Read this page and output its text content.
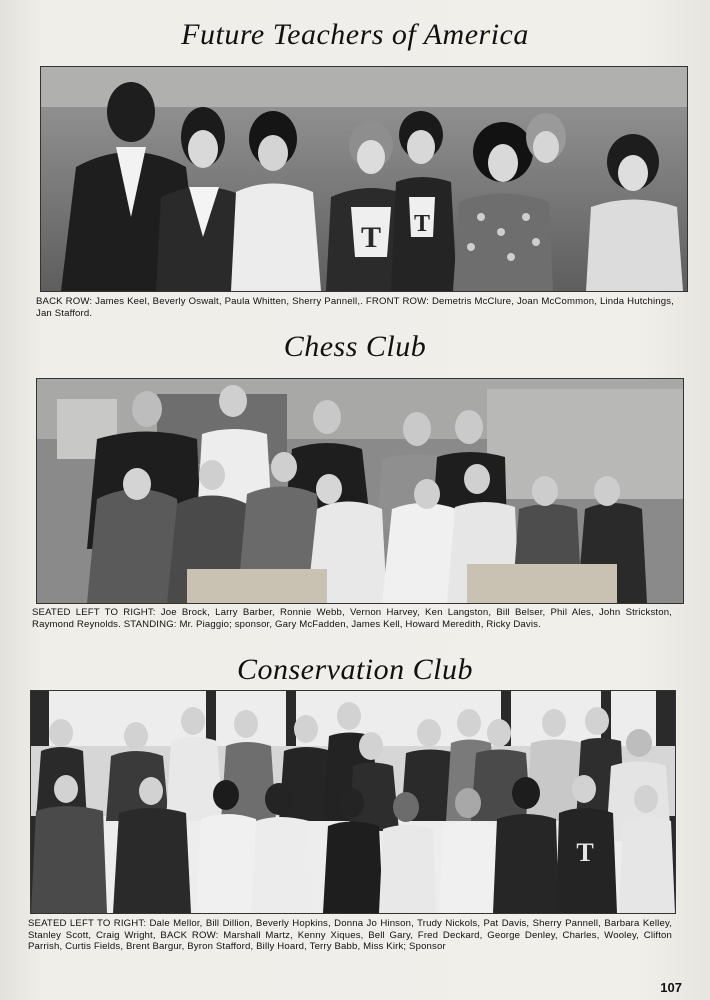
Future Teachers of America
T T
BACK ROW: James Keel, Beverly Oswalt, Paula Whitten, Sherry Pannell,. FRONT ROW: Demetris McClure, Joan McCommon, Linda Hutchings, Jan Stafford.
Chess Club
SEATED LEFT TO RIGHT: Joe Brock, Larry Barber, Ronnie Webb, Vernon Harvey, Ken Langston, Bill Belser, Phil Ales, John Strickston, Raymond Reynolds. STANDING: Mr. Piaggio; sponsor, Gary McFadden, James Kell, Howard Meredith, Ricky Davis.
Conservation Club
T
SEATED LEFT TO RIGHT: Dale Mellor, Bill Dillion, Beverly Hopkins, Donna Jo Hinson, Trudy Nickols, Pat Davis, Sherry Pannell, Barbara Kelley, Stanley Scott, Craig Wright, BACK ROW: Marshall Martz, Kenny Xiques, Bell Gary, Fred Deckard, George Denley, Charles, Wooley, Clifton Parrish, Curtis Fields, Brent Bargur, Byron Stafford, Billy Hoard, Terry Babb, Miss Kirk; Sponsor
107
